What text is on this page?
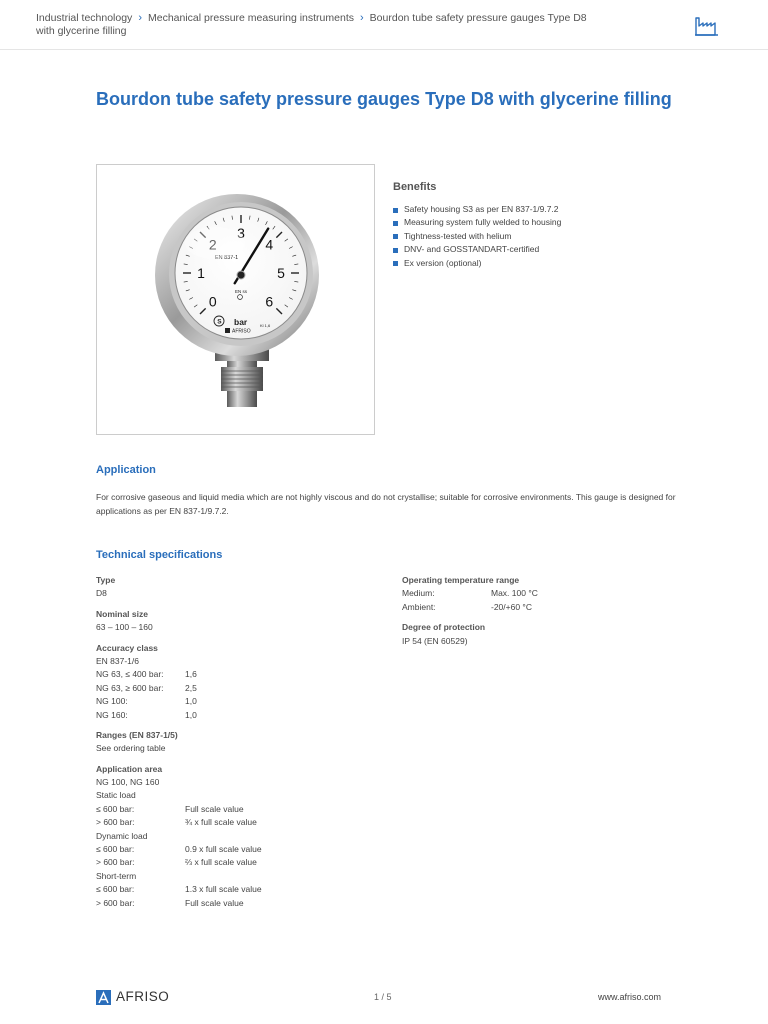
Industrial technology › Mechanical pressure measuring instruments › Bourdon tube safety pressure gauges Type D8 with glycerine filling
Bourdon tube safety pressure gauges Type D8 with glycerine filling
0
1
2
3
4
5
6
EN 837-1
EN ss
S bar	Kl 1,6
AFRISO
Benefits
Safety housing S3 as per EN 837-1/9.7.2
Measuring system fully welded to housing
Tightness-tested with helium
DNV- and GOSSTANDART-certified
Ex version (optional)
Application

For corrosive gaseous and liquid media which are not highly viscous and do not crystallise; suitable for corrosive environments. This gauge is designed for applications as per EN 837-1/9.7.2.

Technical specifications
Type
D8
Nominal size
63 – 100 – 160
Accuracy class
EN 837-1/6
NG 63, ≤ 400 bar:	1,6
NG 63, ≥ 600 bar:	2,5
NG 100:	1,0
NG 160:	1,0
Ranges (EN 837-1/5)
See ordering table
Application area
NG 100, NG 160
Static load
≤ 600 bar:	Full scale value
> 600 bar:	¾ x full scale value
Dynamic load
≤ 600 bar:	0.9 x full scale value
> 600 bar:	⅔ x full scale value
Short-term
≤ 600 bar:	1.3 x full scale value
> 600 bar:	Full scale value
Operating temperature range
Medium:	Max. 100 °C
Ambient:	-20/+60 °C
Degree of protection
IP 54 (EN 60529)
AFRISO	1 / 5	www.afriso.com
